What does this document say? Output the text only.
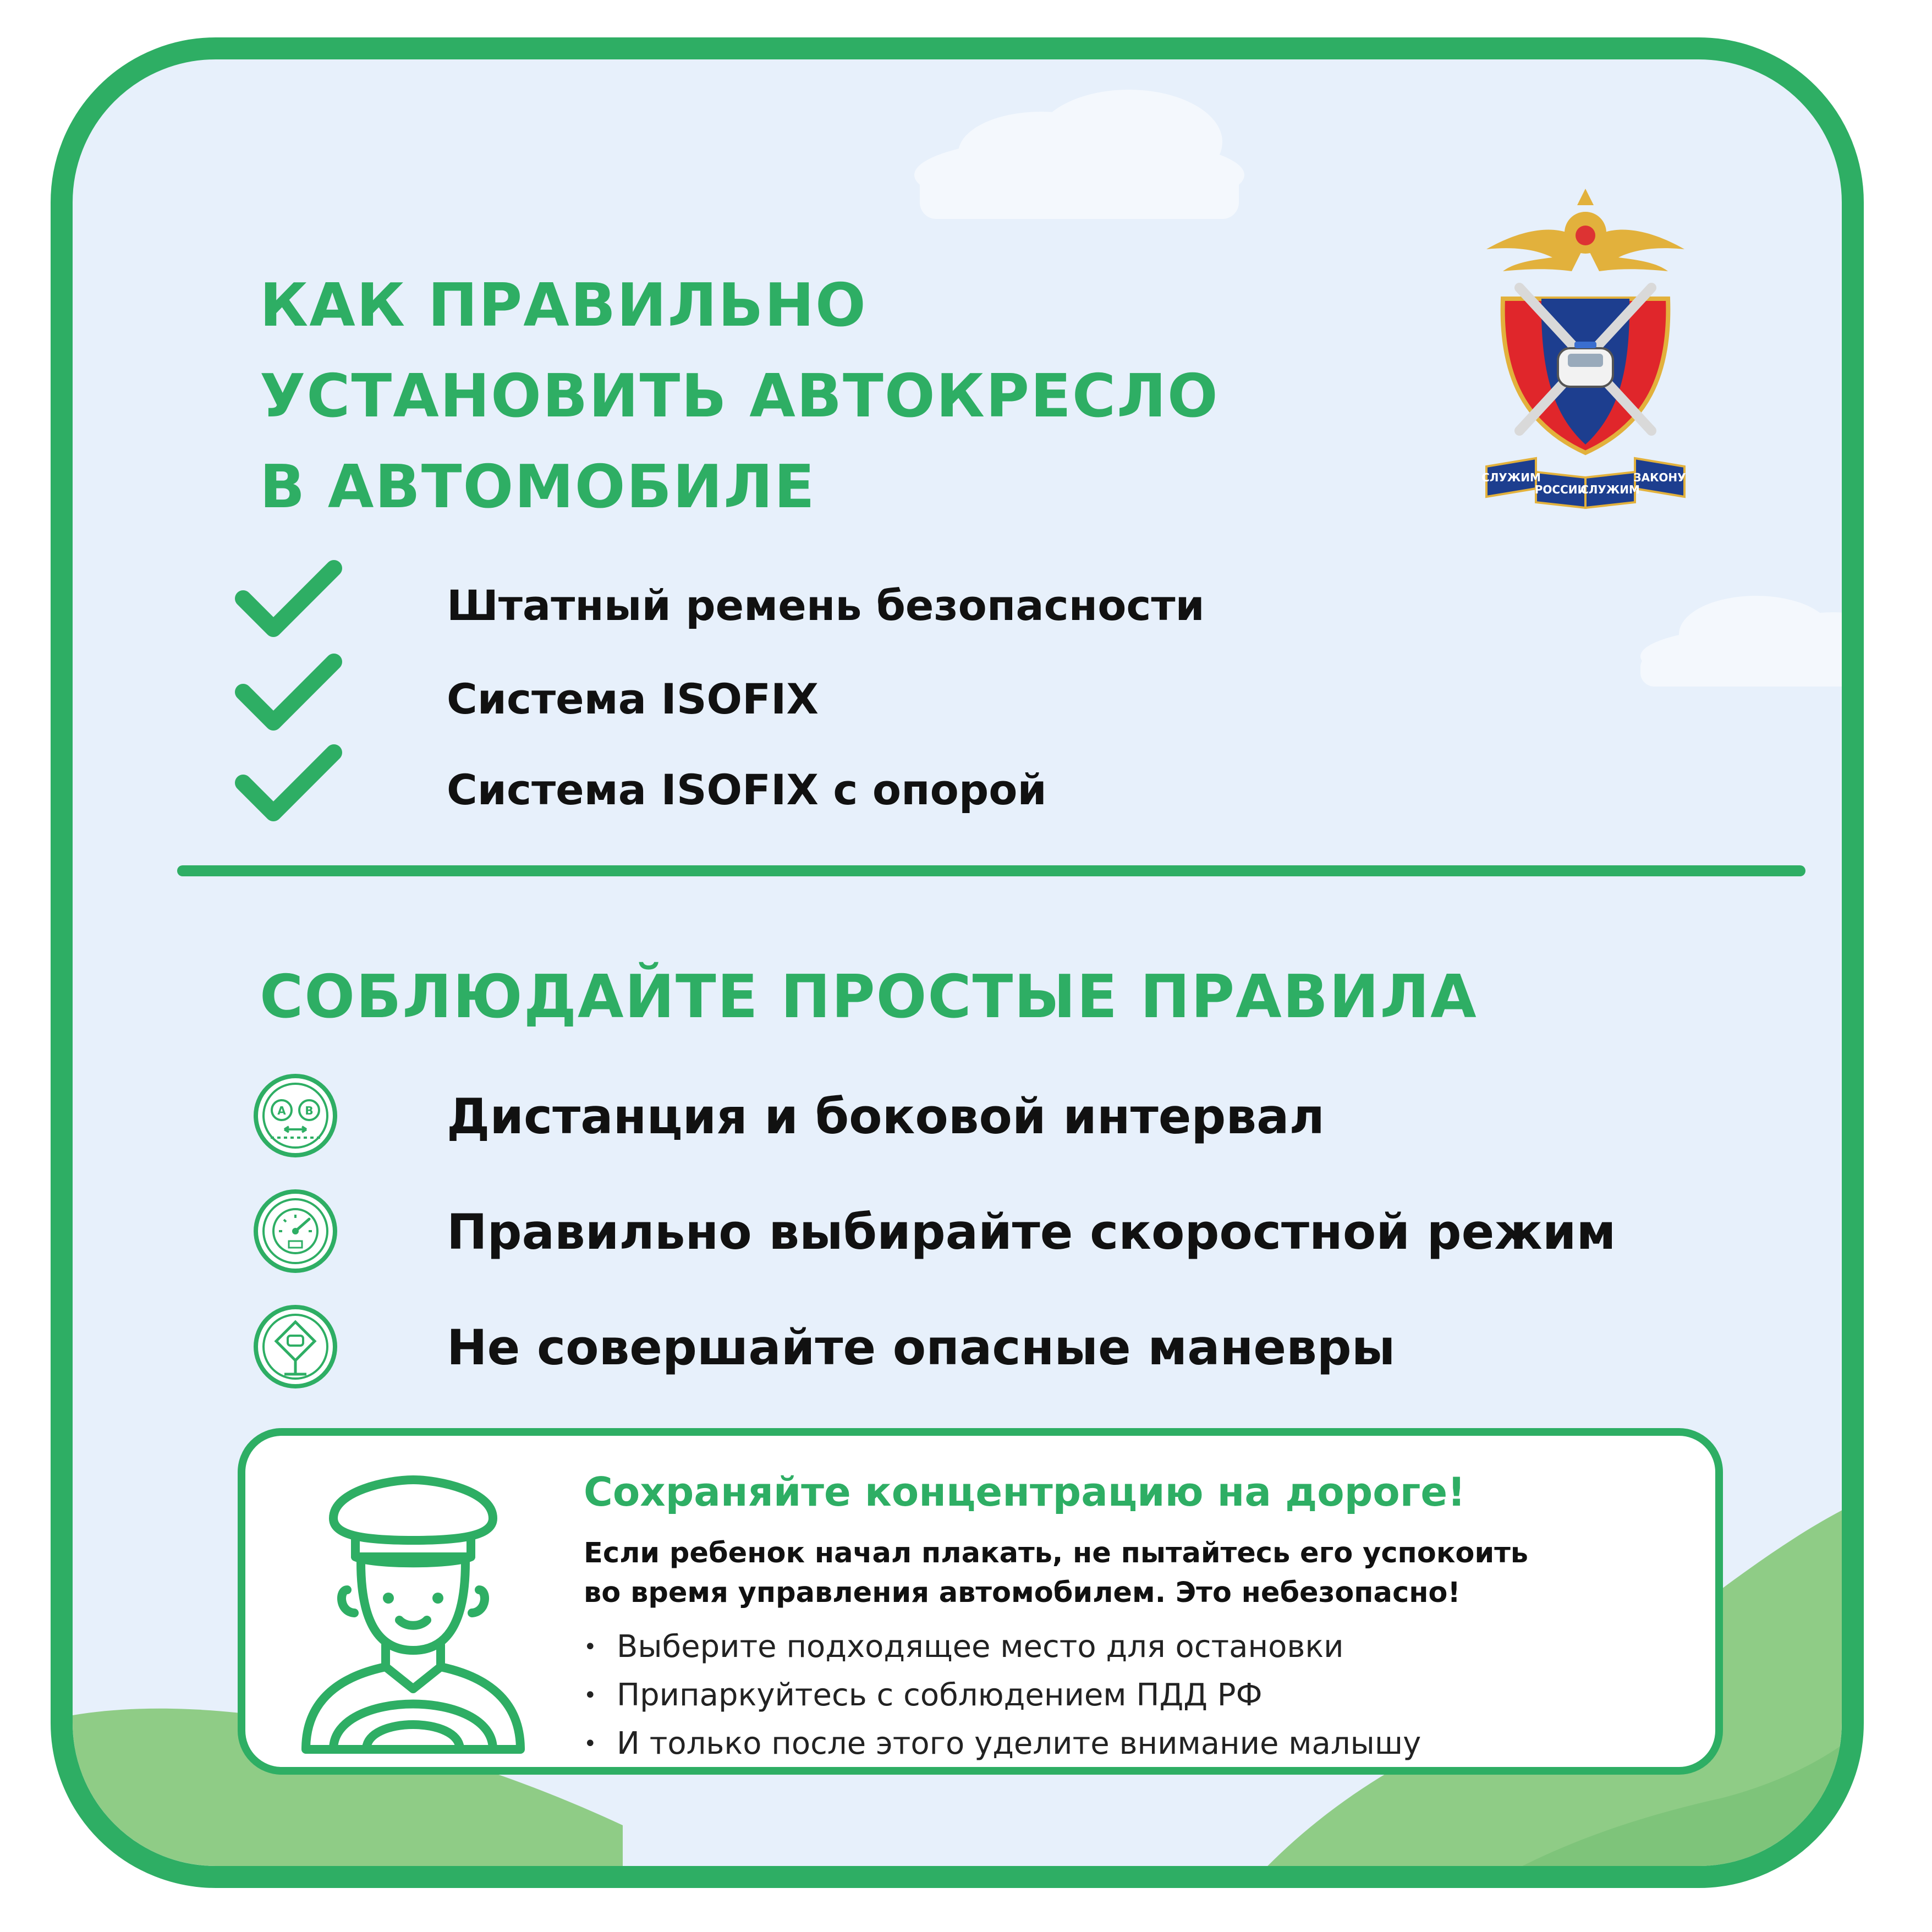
КАК ПРАВИЛЬНО
УСТАНОВИТЬ АВТОКРЕСЛО
В АВТОМОБИЛЕ	СЛУЖИМ
РОССИИ
СЛУЖИМ
ЗАКОНУ
Штатный ремень безопасности
Система ISOFIX
Система ISOFIX с опорой
СОБЛЮДАЙТЕ ПРОСТЫЕ ПРАВИЛА
A B	Дистанция и боковой интервал
Правильно выбирайте скоростной режим
Не совершайте опасные маневры
Сохраняйте концентрацию на дороге!

Если ребенок начал плакать, не пытайтесь его успокоить
во время управления автомобилем. Это небезопасно!

• Выберите подходящее место для остановки
• Припаркуйтесь с соблюдением ПДД РФ
• И только после этого уделите внимание малышу
